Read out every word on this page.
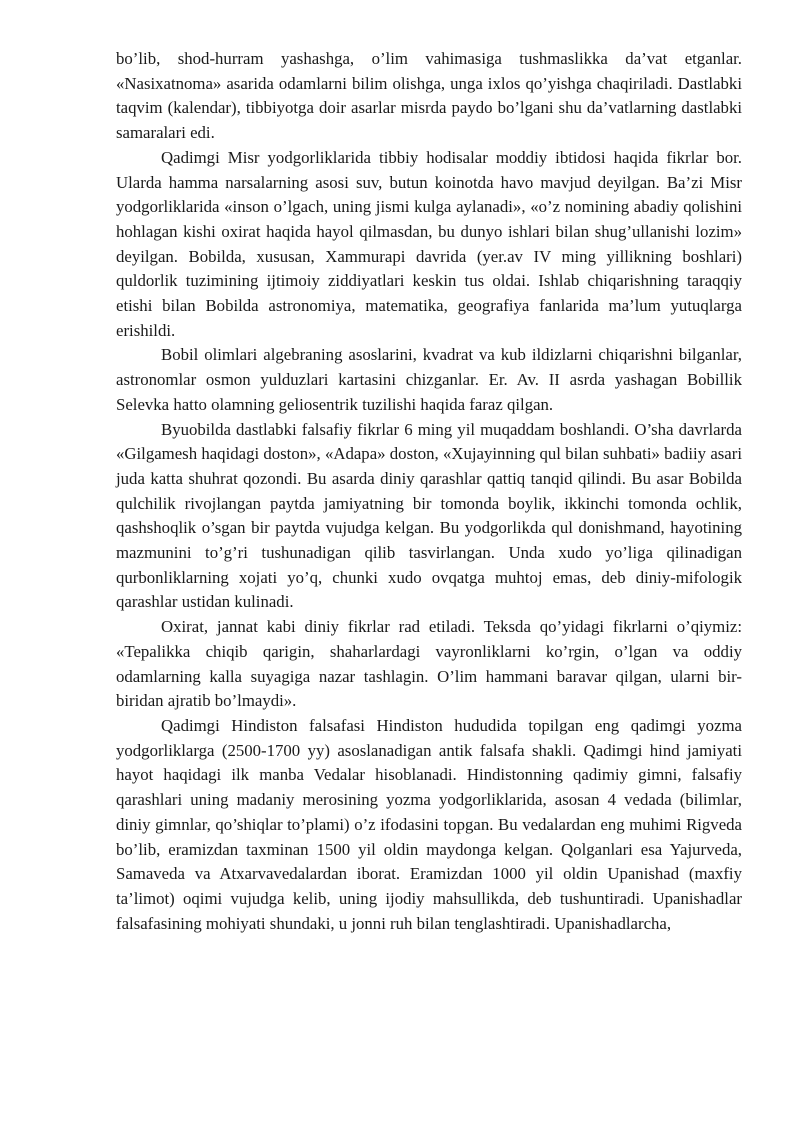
bo’lib, shod-hurram yashashga, o’lim vahimasiga tushmaslikka da’vat etganlar. «Nasixatnoma» asarida odamlarni bilim olishga, unga ixlos qo’yishga chaqiriladi. Dastlabki taqvim (kalendar), tibbiyotga doir asarlar misrda paydo bo’lgani shu da’vatlarning dastlabki samaralari edi.

Qadimgi Misr yodgorliklarida tibbiy hodisalar moddiy ibtidosi haqida fikrlar bor. Ularda hamma narsalarning asosi suv, butun koinotda havo mavjud deyilgan. Ba’zi Misr yodgorliklarida «inson o’lgach, uning jismi kulga aylanadi», «o’z nomining abadiy qolishini hohlagan kishi oxirat haqida hayol qilmasdan, bu dunyo ishlari bilan shug’ullanishi lozim» deyilgan. Bobilda, xususan, Xammurapi davrida (yer.av IV ming yillikning boshlari) quldorlik tuzimining ijtimoiy ziddiyatlari keskin tus oldai. Ishlab chiqarishning taraqqiy etishi bilan Bobilda astronomiya, matematika, geografiya fanlarida ma’lum yutuqlarga erishildi.

Bobil olimlari algebraning asoslarini, kvadrat va kub ildizlarni chiqarishni bilganlar, astronomlar osmon yulduzlari kartasini chizganlar. Er. Av. II asrda yashagan Bobillik Selevka hatto olamning geliosentrik tuzilishi haqida faraz qilgan.

Byuobilda dastlabki falsafiy fikrlar 6 ming yil muqaddam boshlandi. O’sha davrlarda «Gilgamesh haqidagi doston», «Adapa» doston, «Xujayinning qul bilan suhbati» badiiy asari juda katta shuhrat qozondi. Bu asarda diniy qarashlar qattiq tanqid qilindi. Bu asar Bobilda qulchilik rivojlangan paytda jamiyatning bir tomonda boylik, ikkinchi tomonda ochlik, qashshoqlik o’sgan bir paytda vujudga kelgan. Bu yodgorlikda qul donishmand, hayotining mazmunini to’g’ri tushunadigan qilib tasvirlangan. Unda xudo yo’liga qilinadigan qurbonliklarning xojati yo’q, chunki xudo ovqatga muhtoj emas, deb diniy-mifologik qarashlar ustidan kulinadi.

Oxirat, jannat kabi diniy fikrlar rad etiladi. Teksda qo’yidagi fikrlarni o’qiymiz: «Tepalikka chiqib qarigin, shaharlardagi vayronliklarni ko’rgin, o’lgan va oddiy odamlarning kalla suyagiga nazar tashlagin. O’lim hammani baravar qilgan, ularni bir-biridan ajratib bo’lmaydi».

Qadimgi Hindiston falsafasi Hindiston hududida topilgan eng qadimgi yozma yodgorliklarga (2500-1700 yy) asoslanadigan antik falsafa shakli. Qadimgi hind jamiyati hayot haqidagi ilk manba Vedalar hisoblanadi. Hindistonning qadimiy gimni, falsafiy qarashlari uning madaniy merosining yozma yodgorliklarida, asosan 4 vedada (bilimlar, diniy gimnlar, qo’shiqlar to’plami) o’z ifodasini topgan. Bu vedalardan eng muhimi Rigveda bo’lib, eramizdan taxminan 1500 yil oldin maydonga kelgan. Qolganlari esa Yajurveda, Samaveda va Atxarvavedalardan iborat. Eramizdan 1000 yil oldin Upanishad (maxfiy ta’limot) oqimi vujudga kelib, uning ijodiy mahsullikda, deb tushuntiradi. Upanishadlar falsafasining mohiyati shundaki, u jonni ruh bilan tenglashtiradi. Upanishadlarcha,
